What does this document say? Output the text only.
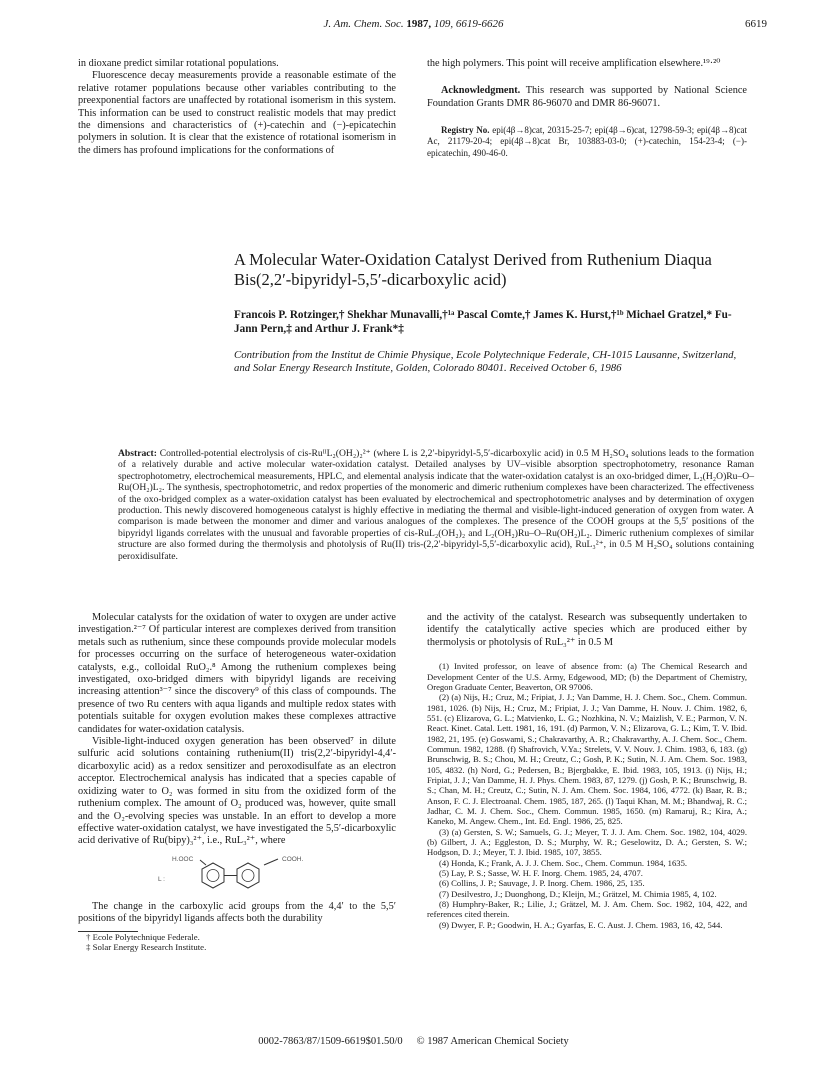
J. Am. Chem. Soc. 1987, 109, 6619-6626	6619

in dioxane predict similar rotational populations.

Fluorescence decay measurements provide a reasonable estimate of the relative rotamer populations because other variables contributing to the preexponential factors are unaffected by rotational isomerism in this system. This information can be used to construct realistic models that may predict the dimensions and characteristics of (+)-catechin and (−)-epicatechin polymers in solution. It is clear that the existence of rotational isomerism in the dimers has profound implications for the conformations of

the high polymers. This point will receive amplification elsewhere.¹⁹·²⁰

Acknowledgment. This research was supported by National Science Foundation Grants DMR 86-96070 and DMR 86-96071.

Registry No. epi(4β→8)cat, 20315-25-7; epi(4β→6)cat, 12798-59-3; epi(4β→8)cat Ac, 21179-20-4; epi(4β→8)cat Br, 103883-03-0; (+)-catechin, 154-23-4; (−)-epicatechin, 490-46-0.

A Molecular Water-Oxidation Catalyst Derived from Ruthenium Diaqua Bis(2,2′-bipyridyl-5,5′-dicarboxylic acid)
Francois P. Rotzinger,† Shekhar Munavalli,†¹ᵃ Pascal Comte,† James K. Hurst,†¹ᵇ Michael Gratzel,* Fu-Jann Pern,‡ and Arthur J. Frank*‡
Contribution from the Institut de Chimie Physique, Ecole Polytechnique Federale, CH-1015 Lausanne, Switzerland, and Solar Energy Research Institute, Golden, Colorado 80401. Received October 6, 1986
Abstract: Controlled-potential electrolysis of cis-RuᴵᴵL₂(OH₂)₂²⁺ (where L is 2,2′-bipyridyl-5,5′-dicarboxylic acid) in 0.5 M H₂SO₄ solutions leads to the formation of a relatively durable and active molecular water-oxidation catalyst. Detailed analyses by UV–visible absorption spectrophotometry, resonance Raman spectrophotometry, electrochemical measurements, HPLC, and elemental analysis indicate that the water-oxidation catalyst is an oxo-bridged dimer, L₂(H₂O)Ru–O–Ru(OH₂)L₂. The synthesis, spectrophotometric, and redox properties of the monomeric and dimeric ruthenium complexes have been characterized. The effectiveness of the oxo-bridged complex as a water-oxidation catalyst has been evaluated by electrochemical and spectrophotometric analyses and by determination of oxygen production. This newly discovered homogeneous catalyst is highly effective in mediating the thermal and visible-light-induced generation of oxygen from water. A comparison is made between the monomer and dimer and various analogues of the complexes. The presence of the COOH groups at the 5,5′ positions of the bipyridyl ligands correlates with the unusual and favorable properties of cis-RuL₂(OH₂)₂ and L₂(OH₂)Ru–O–Ru(OH₂)L₂. Dimeric ruthenium complexes of similar structure are also formed during the thermolysis and photolysis of Ru(II) tris-(2,2′-bipyridyl-5,5′-dicarboxylic acid), RuL₃²⁺, in 0.5 M H₂SO₄ solutions containing peroxidisulfate.

Molecular catalysts for the oxidation of water to oxygen are under active investigation.²⁻⁷ Of particular interest are complexes derived from transition metals such as ruthenium, since these compounds provide molecular models for processes occurring on the surface of heterogeneous water-oxidation catalysts, e.g., colloidal RuO₂.⁸ Among the ruthenium complexes being investigated, oxo-bridged dimers with bipyridyl ligands are receiving increasing attention³⁻⁷ since the discovery⁹ of this class of compounds. The presence of two Ru centers with aqua ligands and multiple redox states with potentials suitable for oxygen evolution makes these complexes attractive candidates for water-oxidation catalysis.

Visible-light-induced oxygen generation has been observed⁷ in dilute sulfuric acid solutions containing ruthenium(II) tris(2,2′-bipyridyl-4,4′-dicarboxylic acid) as a redox sensitizer and peroxodisulfate as an electron acceptor. Electrochemical analysis has indicated that a species capable of oxidizing water to O₂ was formed in situ from the oxidized form of the ruthenium complex. The amount of O₂ produced was, however, quite small and the O₂-evolving species was unstable. In an effort to develop a more effective water-oxidation catalyst, we have investigated the 5,5′-dicarboxylic acid derivative of Ru(bipy)₃²⁺, i.e., RuL₃²⁺, where

H.OOC	COOH.
L :

The change in the carboxylic acid groups from the 4,4′ to the 5,5′ positions of the bipyridyl ligands affects both the durability

† Ecole Polytechnique Federale.
‡ Solar Energy Research Institute.

and the activity of the catalyst. Research was subsequently undertaken to identify the catalytically active species which are produced either by thermolysis or photolysis of RuL₃²⁺ in 0.5 M

(1) Invited professor, on leave of absence from: (a) The Chemical Research and Development Center of the U.S. Army, Edgewood, MD; (b) the Department of Chemistry, Oregon Graduate Center, Beaverton, OR 97006.
(2) (a) Nijs, H.; Cruz, M.; Fripiat, J. J.; Van Damme, H. J. Chem. Soc., Chem. Commun. 1981, 1026. (b) Nijs, H.; Cruz, M.; Fripiat, J. J.; Van Damme, H. Nouv. J. Chim. 1982, 6, 551. (c) Elizarova, G. L.; Matvienko, L. G.; Nozhkina, N. V.; Maizlish, V. E.; Parmon, V. N. React. Kinet. Catal. Lett. 1981, 16, 191. (d) Parmon, V. N.; Elizarova, G. L.; Kim, T. V. Ibid. 1982, 21, 195. (e) Goswami, S.; Chakravarthy, A. R.; Chakravarthy, A. J. Chem. Soc., Chem. Commun. 1982, 1288. (f) Shafrovich, V.Ya.; Strelets, V. V. Nouv. J. Chim. 1983, 6, 183. (g) Brunschwig, B. S.; Chou, M. H.; Creutz, C.; Gosh, P. K.; Sutin, N. J. Am. Chem. Soc. 1983, 105, 4832. (h) Nord, G.; Pedersen, B.; Bjergbakke, E. Ibid. 1983, 105, 1913. (i) Nijs, H.; Fripiat, J. J.; Van Damme, H. J. Phys. Chem. 1983, 87, 1279. (j) Gosh, P. K.; Brunschwig, B. S.; Chan, M. H.; Creutz, C.; Sutin, N. J. Am. Chem. Soc. 1984, 106, 4772. (k) Baar, R. B.; Anson, F. C. J. Electroanal. Chem. 1985, 187, 265. (l) Taqui Khan, M. M.; Bhandwaj, R. C.; Jadhar, C. M. J. Chem. Soc., Chem. Commun. 1985, 1650. (m) Ramaruj, R.; Kira, A.; Kaneko, M. Angew. Chem., Int. Ed. Engl. 1986, 25, 825.
(3) (a) Gersten, S. W.; Samuels, G. J.; Meyer, T. J. J. Am. Chem. Soc. 1982, 104, 4029. (b) Gilbert, J. A.; Eggleston, D. S.; Murphy, W. R.; Geselowitz, D. A.; Gersten, S. W.; Hodgson, D. J.; Meyer, T. J. Ibid. 1985, 107, 3855.
(4) Honda, K.; Frank, A. J. J. Chem. Soc., Chem. Commun. 1984, 1635.
(5) Lay, P. S.; Sasse, W. H. F. Inorg. Chem. 1985, 24, 4707.
(6) Collins, J. P.; Sauvage, J. P. Inorg. Chem. 1986, 25, 135.
(7) Desilvestro, J.; Duonghong, D.; Kleijn, M.; Grätzel, M. Chimia 1985, 4, 102.
(8) Humphry-Baker, R.; Lilie, J.; Grätzel, M. J. Am. Chem. Soc. 1982, 104, 422, and references cited therein.
(9) Dwyer, F. P.; Goodwin, H. A.; Gyarfas, E. C. Aust. J. Chem. 1983, 16, 42, 544.
0002-7863/87/1509-6619$01.50/0 © 1987 American Chemical Society
